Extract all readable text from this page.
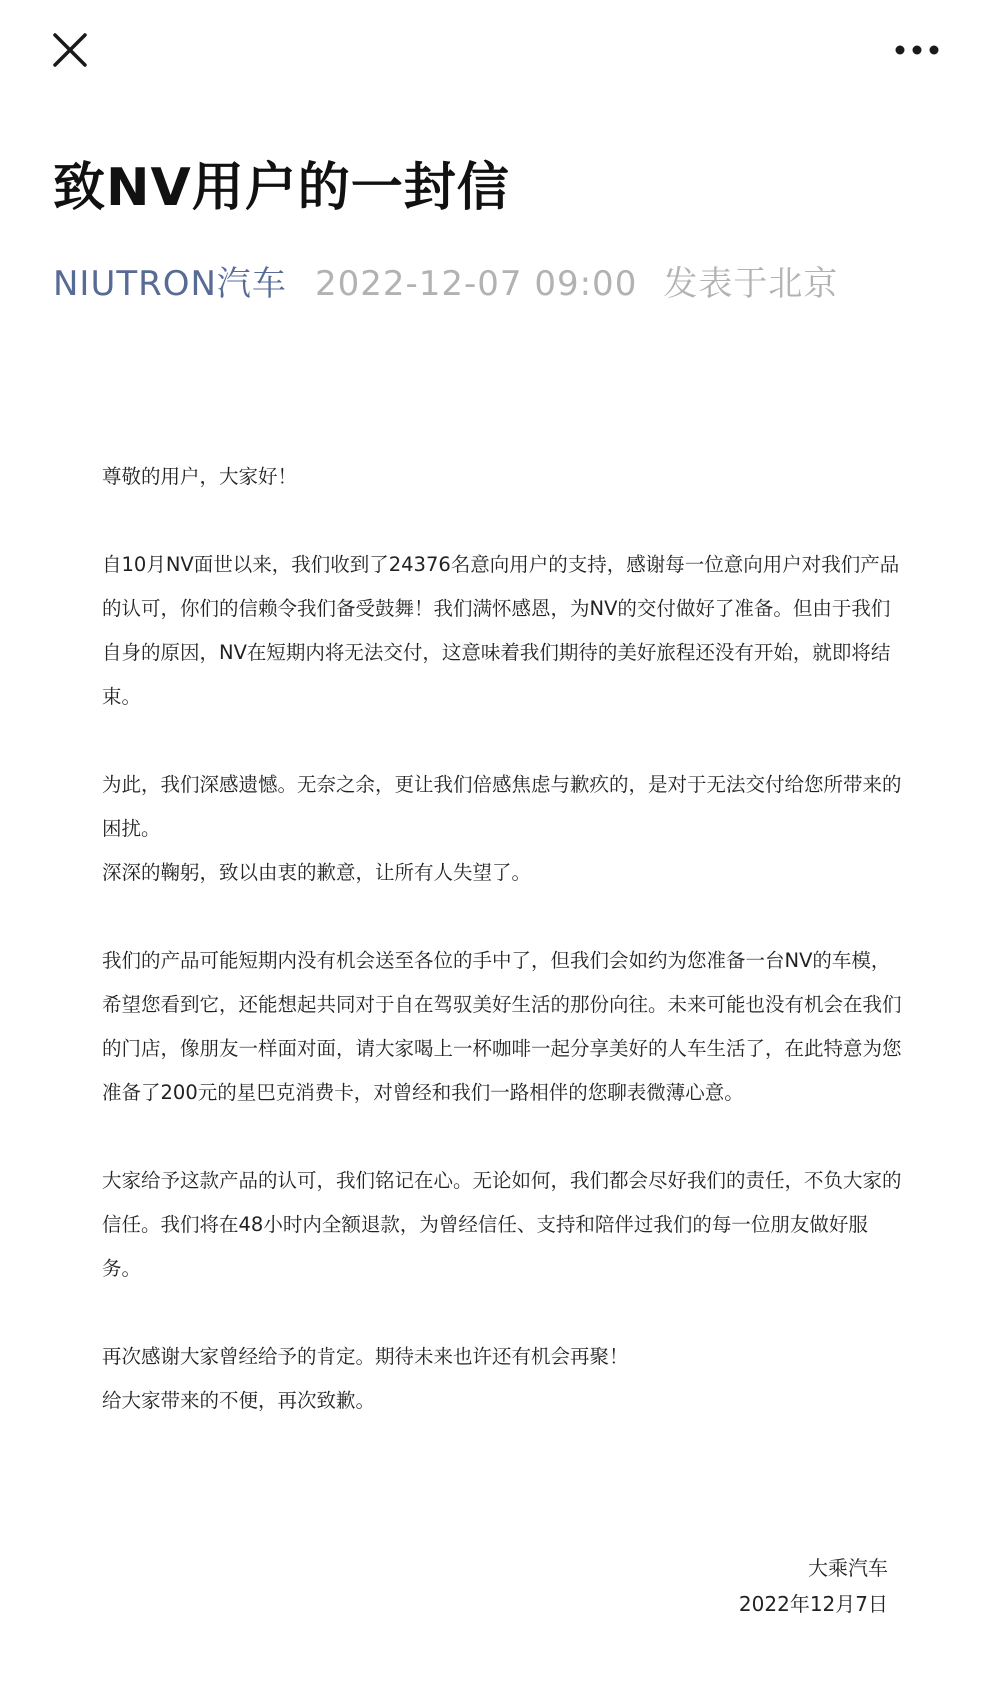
致NV用户的一封信
NIUTRON汽车 2022-12-07 09:00 发表于北京

尊敬的用户，大家好！

自10月NV面世以来，我们收到了24376名意向用户的支持，感谢每一位意向用户对我们产品的认可，你们的信赖令我们备受鼓舞！我们满怀感恩，为NV的交付做好了准备。但由于我们自身的原因，NV在短期内将无法交付，这意味着我们期待的美好旅程还没有开始，就即将结束。

为此，我们深感遗憾。无奈之余，更让我们倍感焦虑与歉疚的，是对于无法交付给您所带来的困扰。
深深的鞠躬，致以由衷的歉意，让所有人失望了。

我们的产品可能短期内没有机会送至各位的手中了，但我们会如约为您准备一台NV的车模，希望您看到它，还能想起共同对于自在驾驭美好生活的那份向往。未来可能也没有机会在我们的门店，像朋友一样面对面，请大家喝上一杯咖啡一起分享美好的人车生活了，在此特意为您准备了200元的星巴克消费卡，对曾经和我们一路相伴的您聊表微薄心意。

大家给予这款产品的认可，我们铭记在心。无论如何，我们都会尽好我们的责任，不负大家的信任。我们将在48小时内全额退款，为曾经信任、支持和陪伴过我们的每一位朋友做好服务。

再次感谢大家曾经给予的肯定。期待未来也许还有机会再聚！
给大家带来的不便，再次致歉。

大乘汽车
2022年12月7日
